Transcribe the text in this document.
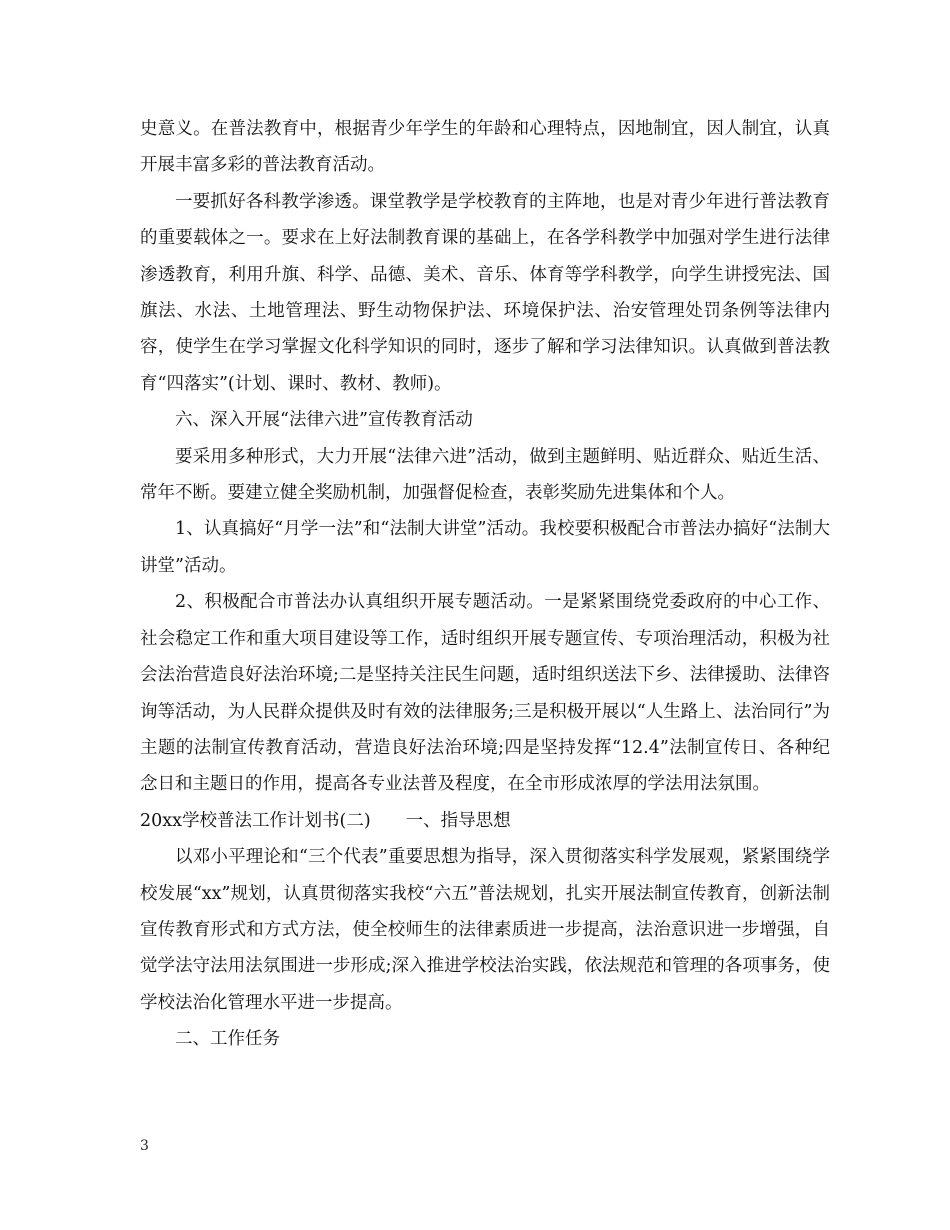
史意义。在普法教育中，根据青少年学生的年龄和心理特点，因地制宜，因人制宜，认真开展丰富多彩的普法教育活动。

一要抓好各科教学渗透。课堂教学是学校教育的主阵地，也是对青少年进行普法教育的重要载体之一。要求在上好法制教育课的基础上，在各学科教学中加强对学生进行法律渗透教育，利用升旗、科学、品德、美术、音乐、体育等学科教学，向学生讲授宪法、国旗法、水法、土地管理法、野生动物保护法、环境保护法、治安管理处罚条例等法律内容，使学生在学习掌握文化科学知识的同时，逐步了解和学习法律知识。认真做到普法教育“四落实”(计划、课时、教材、教师)。

六、深入开展“法律六进”宣传教育活动

要采用多种形式，大力开展“法律六进”活动，做到主题鲜明、贴近群众、贴近生活、常年不断。要建立健全奖励机制，加强督促检查，表彰奖励先进集体和个人。

1、认真搞好“月学一法”和“法制大讲堂”活动。我校要积极配合市普法办搞好“法制大讲堂”活动。

2、积极配合市普法办认真组织开展专题活动。一是紧紧围绕党委政府的中心工作、社会稳定工作和重大项目建设等工作，适时组织开展专题宣传、专项治理活动，积极为社会法治营造良好法治环境;二是坚持关注民生问题，适时组织送法下乡、法律援助、法律咨询等活动，为人民群众提供及时有效的法律服务;三是积极开展以“人生路上、法治同行”为主题的法制宣传教育活动，营造良好法治环境;四是坚持发挥“12.4”法制宣传日、各种纪念日和主题日的作用，提高各专业法普及程度，在全市形成浓厚的学法用法氛围。

20xx学校普法工作计划书(二)　　一、指导思想

以邓小平理论和“三个代表”重要思想为指导，深入贯彻落实科学发展观，紧紧围绕学校发展“xx”规划，认真贯彻落实我校“六五”普法规划，扎实开展法制宣传教育，创新法制宣传教育形式和方式方法，使全校师生的法律素质进一步提高，法治意识进一步增强，自觉学法守法用法氛围进一步形成;深入推进学校法治实践，依法规范和管理的各项事务，使学校法治化管理水平进一步提高。

二、工作任务

3
